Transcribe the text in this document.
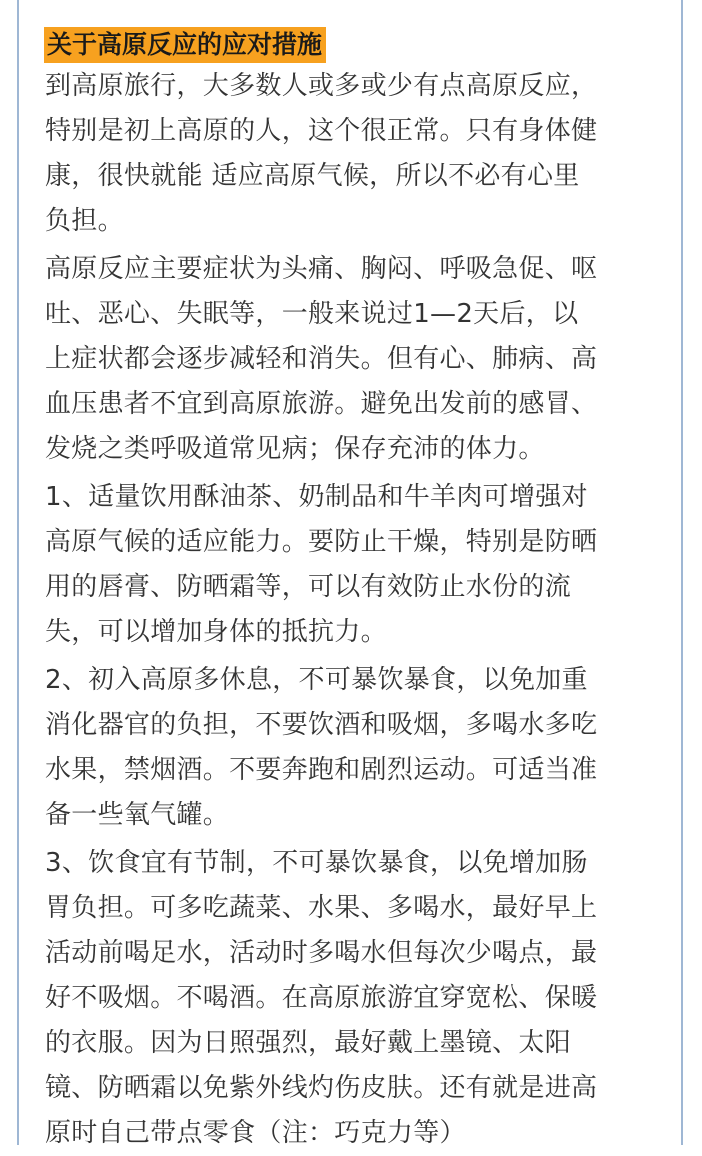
关于高原反应的应对措施

到高原旅行，大多数人或多或少有点高原反应，
特别是初上高原的人，这个很正常。只有身体健
康，很快就能 适应高原气候，所以不必有心里
负担。

高原反应主要症状为头痛、胸闷、呼吸急促、呕
吐、恶心、失眠等，一般来说过1—2天后，以
上症状都会逐步减轻和消失。但有心、肺病、高
血压患者不宜到高原旅游。避免出发前的感冒、
发烧之类呼吸道常见病；保存充沛的体力。

1、适量饮用酥油茶、奶制品和牛羊肉可增强对
高原气候的适应能力。要防止干燥，特别是防晒
用的唇膏、防晒霜等，可以有效防止水份的流
失，可以增加身体的抵抗力。

2、初入高原多休息，不可暴饮暴食，以免加重
消化器官的负担，不要饮酒和吸烟，多喝水多吃
水果，禁烟酒。不要奔跑和剧烈运动。可适当准
备一些氧气罐。

3、饮食宜有节制，不可暴饮暴食，以免增加肠
胃负担。可多吃蔬菜、水果、多喝水，最好早上
活动前喝足水，活动时多喝水但每次少喝点，最
好不吸烟。不喝酒。在高原旅游宜穿宽松、保暖
的衣服。因为日照强烈，最好戴上墨镜、太阳
镜、防晒霜以免紫外线灼伤皮肤。还有就是进高
原时自己带点零食（注：巧克力等）
